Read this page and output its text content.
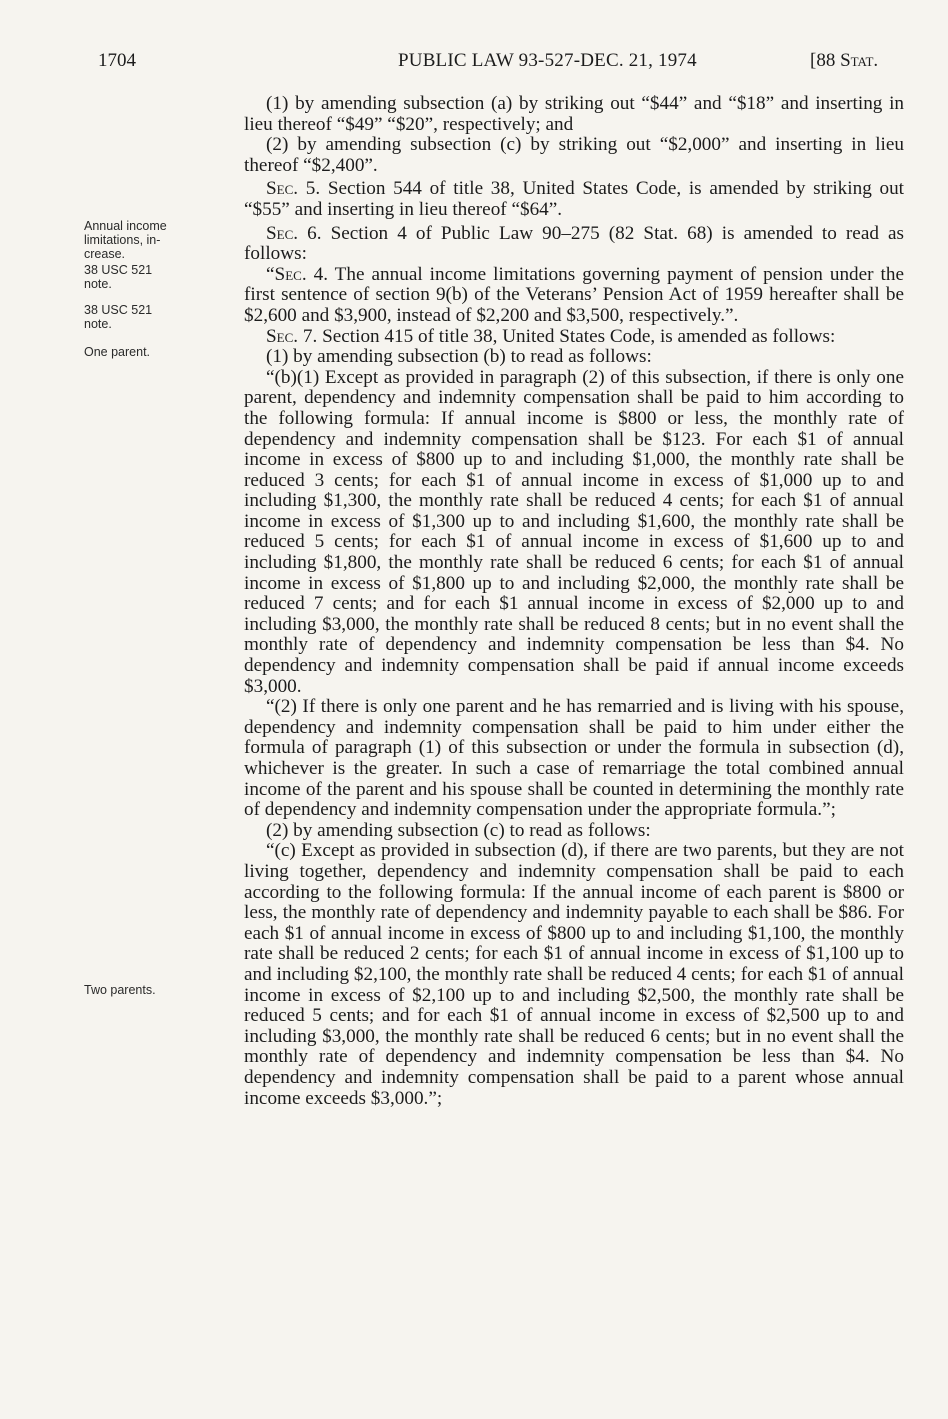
1704	PUBLIC LAW 93-527-DEC. 21, 1974	[88 Stat.
Annual income
limitations, in-
crease.
38 USC 521
note.
38 USC 521
note.
One parent.
Two parents.

(1) by amending subsection (a) by striking out “$44” and “$18” and inserting in lieu thereof “$49” “$20”, respectively; and

(2) by amending subsection (c) by striking out “$2,000” and inserting in lieu thereof “$2,400”.

Sec. 5. Section 544 of title 38, United States Code, is amended by striking out “$55” and inserting in lieu thereof “$64”.

Sec. 6. Section 4 of Public Law 90–275 (82 Stat. 68) is amended to read as follows:

“Sec. 4. The annual income limitations governing payment of pension under the first sentence of section 9(b) of the Veterans’ Pension Act of 1959 hereafter shall be $2,600 and $3,900, instead of $2,200 and $3,500, respectively.”.

Sec. 7. Section 415 of title 38, United States Code, is amended as follows:

(1) by amending subsection (b) to read as follows:

“(b)(1) Except as provided in paragraph (2) of this subsection, if there is only one parent, dependency and indemnity compensation shall be paid to him according to the following formula: If annual income is $800 or less, the monthly rate of dependency and indemnity compensation shall be $123. For each $1 of annual income in excess of $800 up to and including $1,000, the monthly rate shall be reduced 3 cents; for each $1 of annual income in excess of $1,000 up to and including $1,300, the monthly rate shall be reduced 4 cents; for each $1 of annual income in excess of $1,300 up to and including $1,600, the monthly rate shall be reduced 5 cents; for each $1 of annual income in excess of $1,600 up to and including $1,800, the monthly rate shall be reduced 6 cents; for each $1 of annual income in excess of $1,800 up to and including $2,000, the monthly rate shall be reduced 7 cents; and for each $1 annual income in excess of $2,000 up to and including $3,000, the monthly rate shall be reduced 8 cents; but in no event shall the monthly rate of dependency and indemnity compensation be less than $4. No dependency and indemnity compensation shall be paid if annual income exceeds $3,000.

“(2) If there is only one parent and he has remarried and is living with his spouse, dependency and indemnity compensation shall be paid to him under either the formula of paragraph (1) of this subsection or under the formula in subsection (d), whichever is the greater. In such a case of remarriage the total combined annual income of the parent and his spouse shall be counted in determining the monthly rate of dependency and indemnity compensation under the appropriate formula.”;

(2) by amending subsection (c) to read as follows:

“(c) Except as provided in subsection (d), if there are two parents, but they are not living together, dependency and indemnity compensation shall be paid to each according to the following formula: If the annual income of each parent is $800 or less, the monthly rate of dependency and indemnity payable to each shall be $86. For each $1 of annual income in excess of $800 up to and including $1,100, the monthly rate shall be reduced 2 cents; for each $1 of annual income in excess of $1,100 up to and including $2,100, the monthly rate shall be reduced 4 cents; for each $1 of annual income in excess of $2,100 up to and including $2,500, the monthly rate shall be reduced 5 cents; and for each $1 of annual income in excess of $2,500 up to and including $3,000, the monthly rate shall be reduced 6 cents; but in no event shall the monthly rate of dependency and indemnity compensation be less than $4. No dependency and indemnity compensation shall be paid to a parent whose annual income exceeds $3,000.”;
